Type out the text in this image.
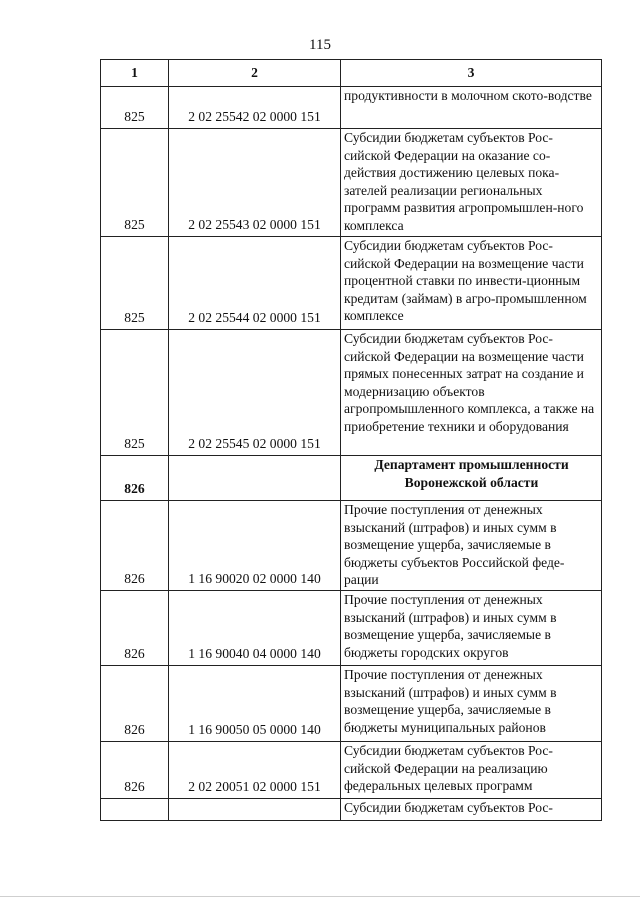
115
1	2	3
825	2 02 25542 02 0000 151	продуктивности в молочном ското-водстве
825	2 02 25543 02 0000 151	Субсидии бюджетам субъектов Рос-сийской Федерации на оказание со-действия достижению целевых пока-зателей реализации региональных программ развития агропромышлен-ного комплекса
825	2 02 25544 02 0000 151	Субсидии бюджетам субъектов Рос-сийской Федерации на возмещение части процентной ставки по инвести-ционным кредитам (займам) в агро-промышленном комплексе
825	2 02 25545 02 0000 151	Субсидии бюджетам субъектов Рос-сийской Федерации на возмещение части прямых понесенных затрат на создание и модернизацию объектов агропромышленного комплекса, а также на приобретение техники и оборудования
826		Департамент промышленности Воронежской области
826	1 16 90020 02 0000 140	Прочие поступления от денежных взысканий (штрафов) и иных сумм в возмещение ущерба, зачисляемые в бюджеты субъектов Российской феде-рации
826	1 16 90040 04 0000 140	Прочие поступления от денежных взысканий (штрафов) и иных сумм в возмещение ущерба, зачисляемые в бюджеты городских округов
826	1 16 90050 05 0000 140	Прочие поступления от денежных взысканий (штрафов) и иных сумм в возмещение ущерба, зачисляемые в бюджеты муниципальных районов
826	2 02 20051 02 0000 151	Субсидии бюджетам субъектов Рос-сийской Федерации на реализацию федеральных целевых программ
		Субсидии бюджетам субъектов Рос-
